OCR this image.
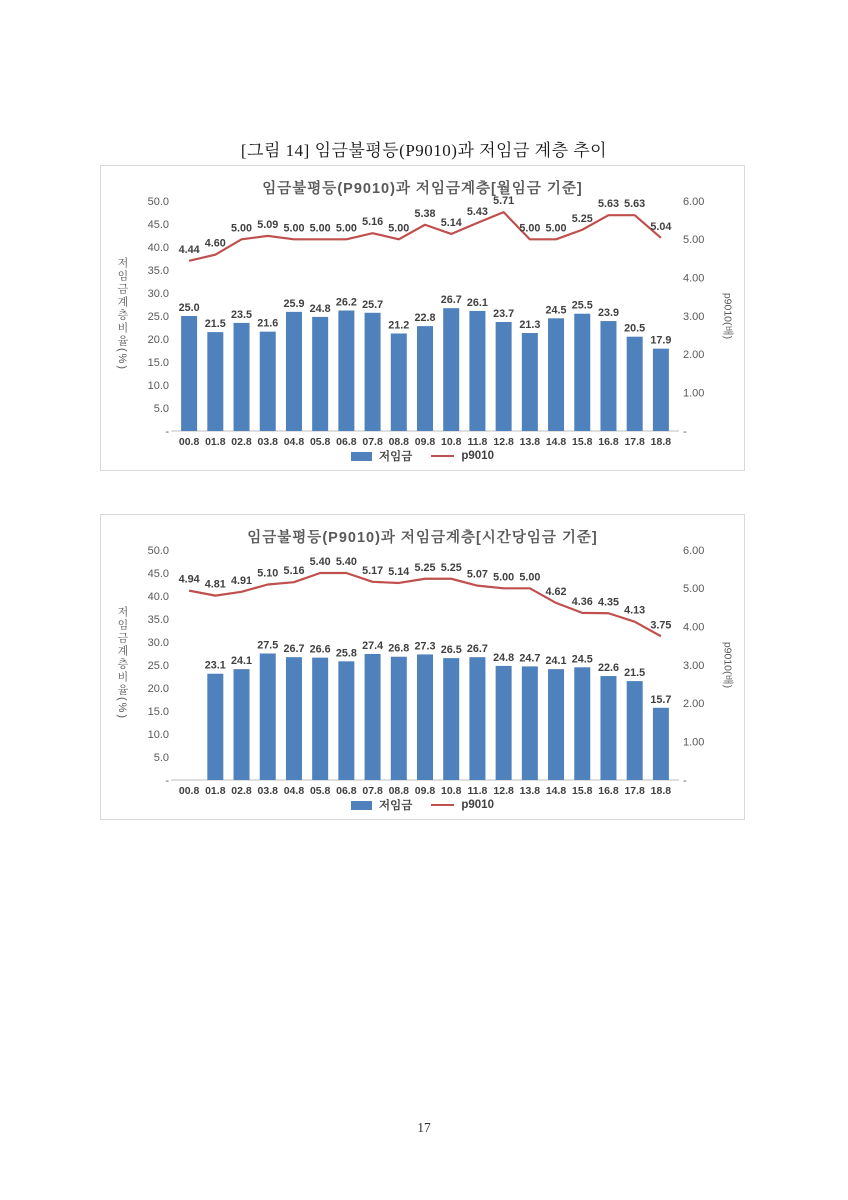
[그림 14] 임금불평등(P9010)과 저임금 계층 추이
임금불평등(P9010)과 저임금계층[월임금 기준]
저임금계층비율(%)	p9010(배)
50.0
45.0
40.0
35.0
30.0
25.0
20.0
15.0
10.0
5.0
-
6.00
5.00
4.00
3.00
2.00
1.00
-
00.8 01.8 02.8 03.8 04.8 05.8 06.8 07.8 08.8 09.8 10.8 11.8 12.8 13.8 14.8 15.8 16.8 17.8 18.8
25.0
21.5
23.5
21.6
25.9 24.8
26.2 25.7
21.2
22.8
26.7 26.1
23.7
21.3
24.5 25.5
23.9
20.5
17.9
4.44
4.60
5.00 5.09 5.00 5.00 5.00
5.16
5.00
5.38
5.14
5.43
5.71
5.00 5.00
5.25
5.63 5.63
5.04
저임금	p9010
임금불평등(P9010)과 저임금계층[시간당임금 기준]
저임금계층비율(%)	p9010(배)
50.0
45.0
40.0
35.0
30.0
25.0
20.0
15.0
10.0
5.0
-
6.00
5.00
4.00
3.00
2.00
1.00
-
00.8 01.8 02.8 03.8 04.8 05.8 06.8 07.8 08.8 09.8 10.8 11.8 12.8 13.8 14.8 15.8 16.8 17.8 18.8
23.1 24.1
27.5 26.7 26.6 25.8
27.4 26.8 27.3 26.5 26.7
24.8 24.7 24.1 24.5
22.6 21.5
15.7
4.94 4.81 4.91
5.10 5.16
5.40 5.40
5.17 5.14 5.25 5.25
5.07 5.00 5.00
4.62
4.36 4.35
4.13
3.75
저임금	p9010
17
